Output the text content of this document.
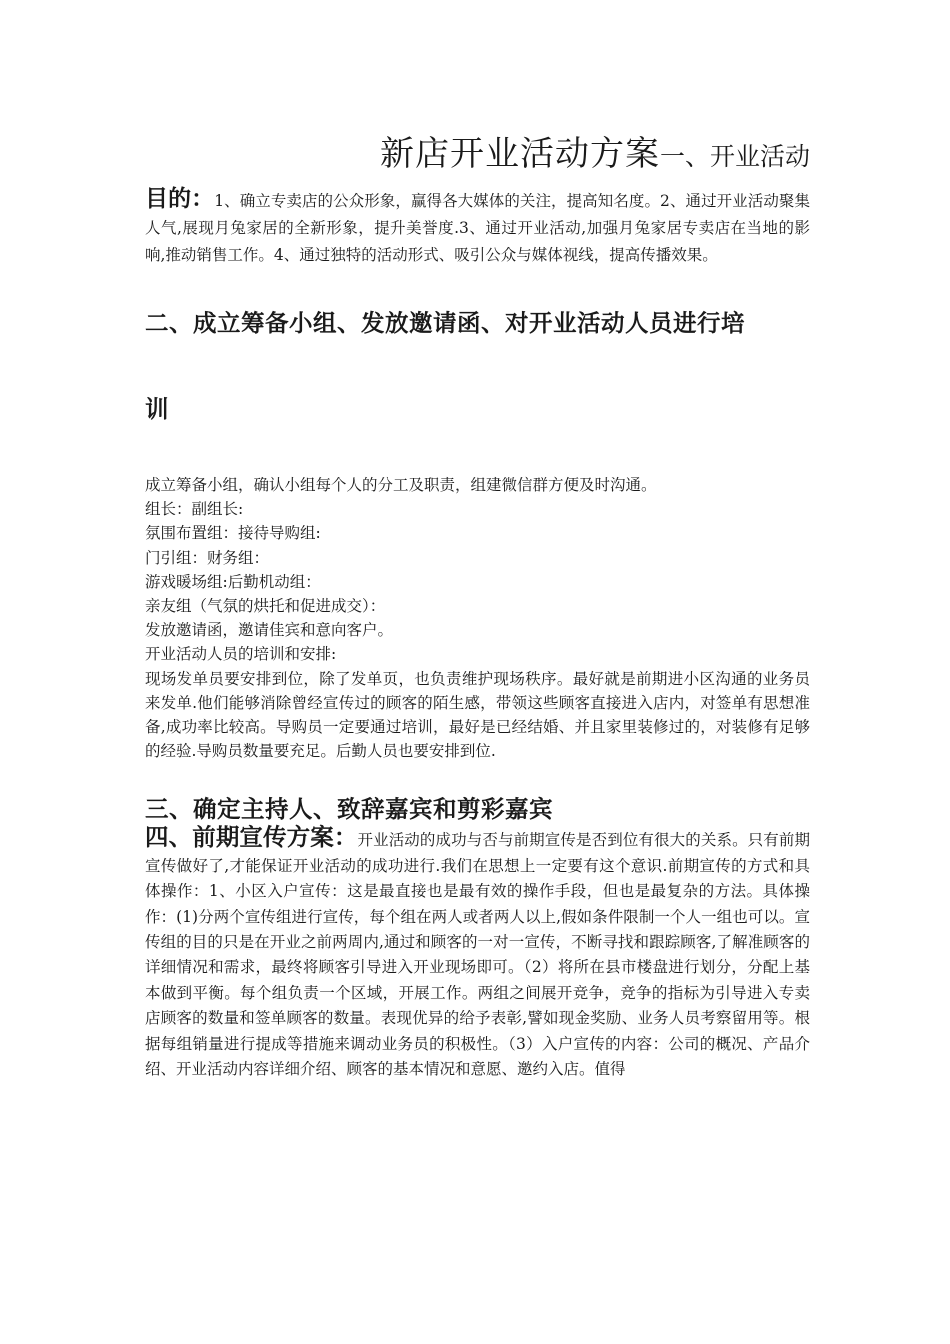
新店开业活动方案一、开业活动

目的：1、确立专卖店的公众形象，赢得各大媒体的关注，提高知名度。2、通过开业活动聚集人气,展现月兔家居的全新形象，提升美誉度.3、通过开业活动,加强月兔家居专卖店在当地的影响,推动销售工作。4、通过独特的活动形式、吸引公众与媒体视线，提高传播效果。

二、成立筹备小组、发放邀请函、对开业活动人员进行培

训

成立筹备小组，确认小组每个人的分工及职责，组建微信群方便及时沟通。

组长：副组长:

氛围布置组：接待导购组:

门引组：财务组：

游戏暖场组:后勤机动组：

亲友组（气氛的烘托和促进成交）：

发放邀请函，邀请佳宾和意向客户。

开业活动人员的培训和安排:

现场发单员要安排到位，除了发单页，也负责维护现场秩序。最好就是前期进小区沟通的业务员来发单.他们能够消除曾经宣传过的顾客的陌生感，带领这些顾客直接进入店内，对签单有思想准备,成功率比较高。导购员一定要通过培训，最好是已经结婚、并且家里装修过的，对装修有足够的经验.导购员数量要充足。后勤人员也要安排到位.

三、确定主持人、致辞嘉宾和剪彩嘉宾

四、前期宣传方案：开业活动的成功与否与前期宣传是否到位有很大的关系。只有前期宣传做好了,才能保证开业活动的成功进行.我们在思想上一定要有这个意识.前期宣传的方式和具体操作：1、小区入户宣传：这是最直接也是最有效的操作手段，但也是最复杂的方法。具体操作：(1)分两个宣传组进行宣传，每个组在两人或者两人以上,假如条件限制一个人一组也可以。宣传组的目的只是在开业之前两周内,通过和顾客的一对一宣传，不断寻找和跟踪顾客,了解准顾客的详细情况和需求，最终将顾客引导进入开业现场即可。（2）将所在县市楼盘进行划分，分配上基本做到平衡。每个组负责一个区域，开展工作。两组之间展开竞争，竞争的指标为引导进入专卖店顾客的数量和签单顾客的数量。表现优异的给予表彰,譬如现金奖励、业务人员考察留用等。根据每组销量进行提成等措施来调动业务员的积极性。（3）入户宣传的内容：公司的概况、产品介绍、开业活动内容详细介绍、顾客的基本情况和意愿、邀约入店。值得
